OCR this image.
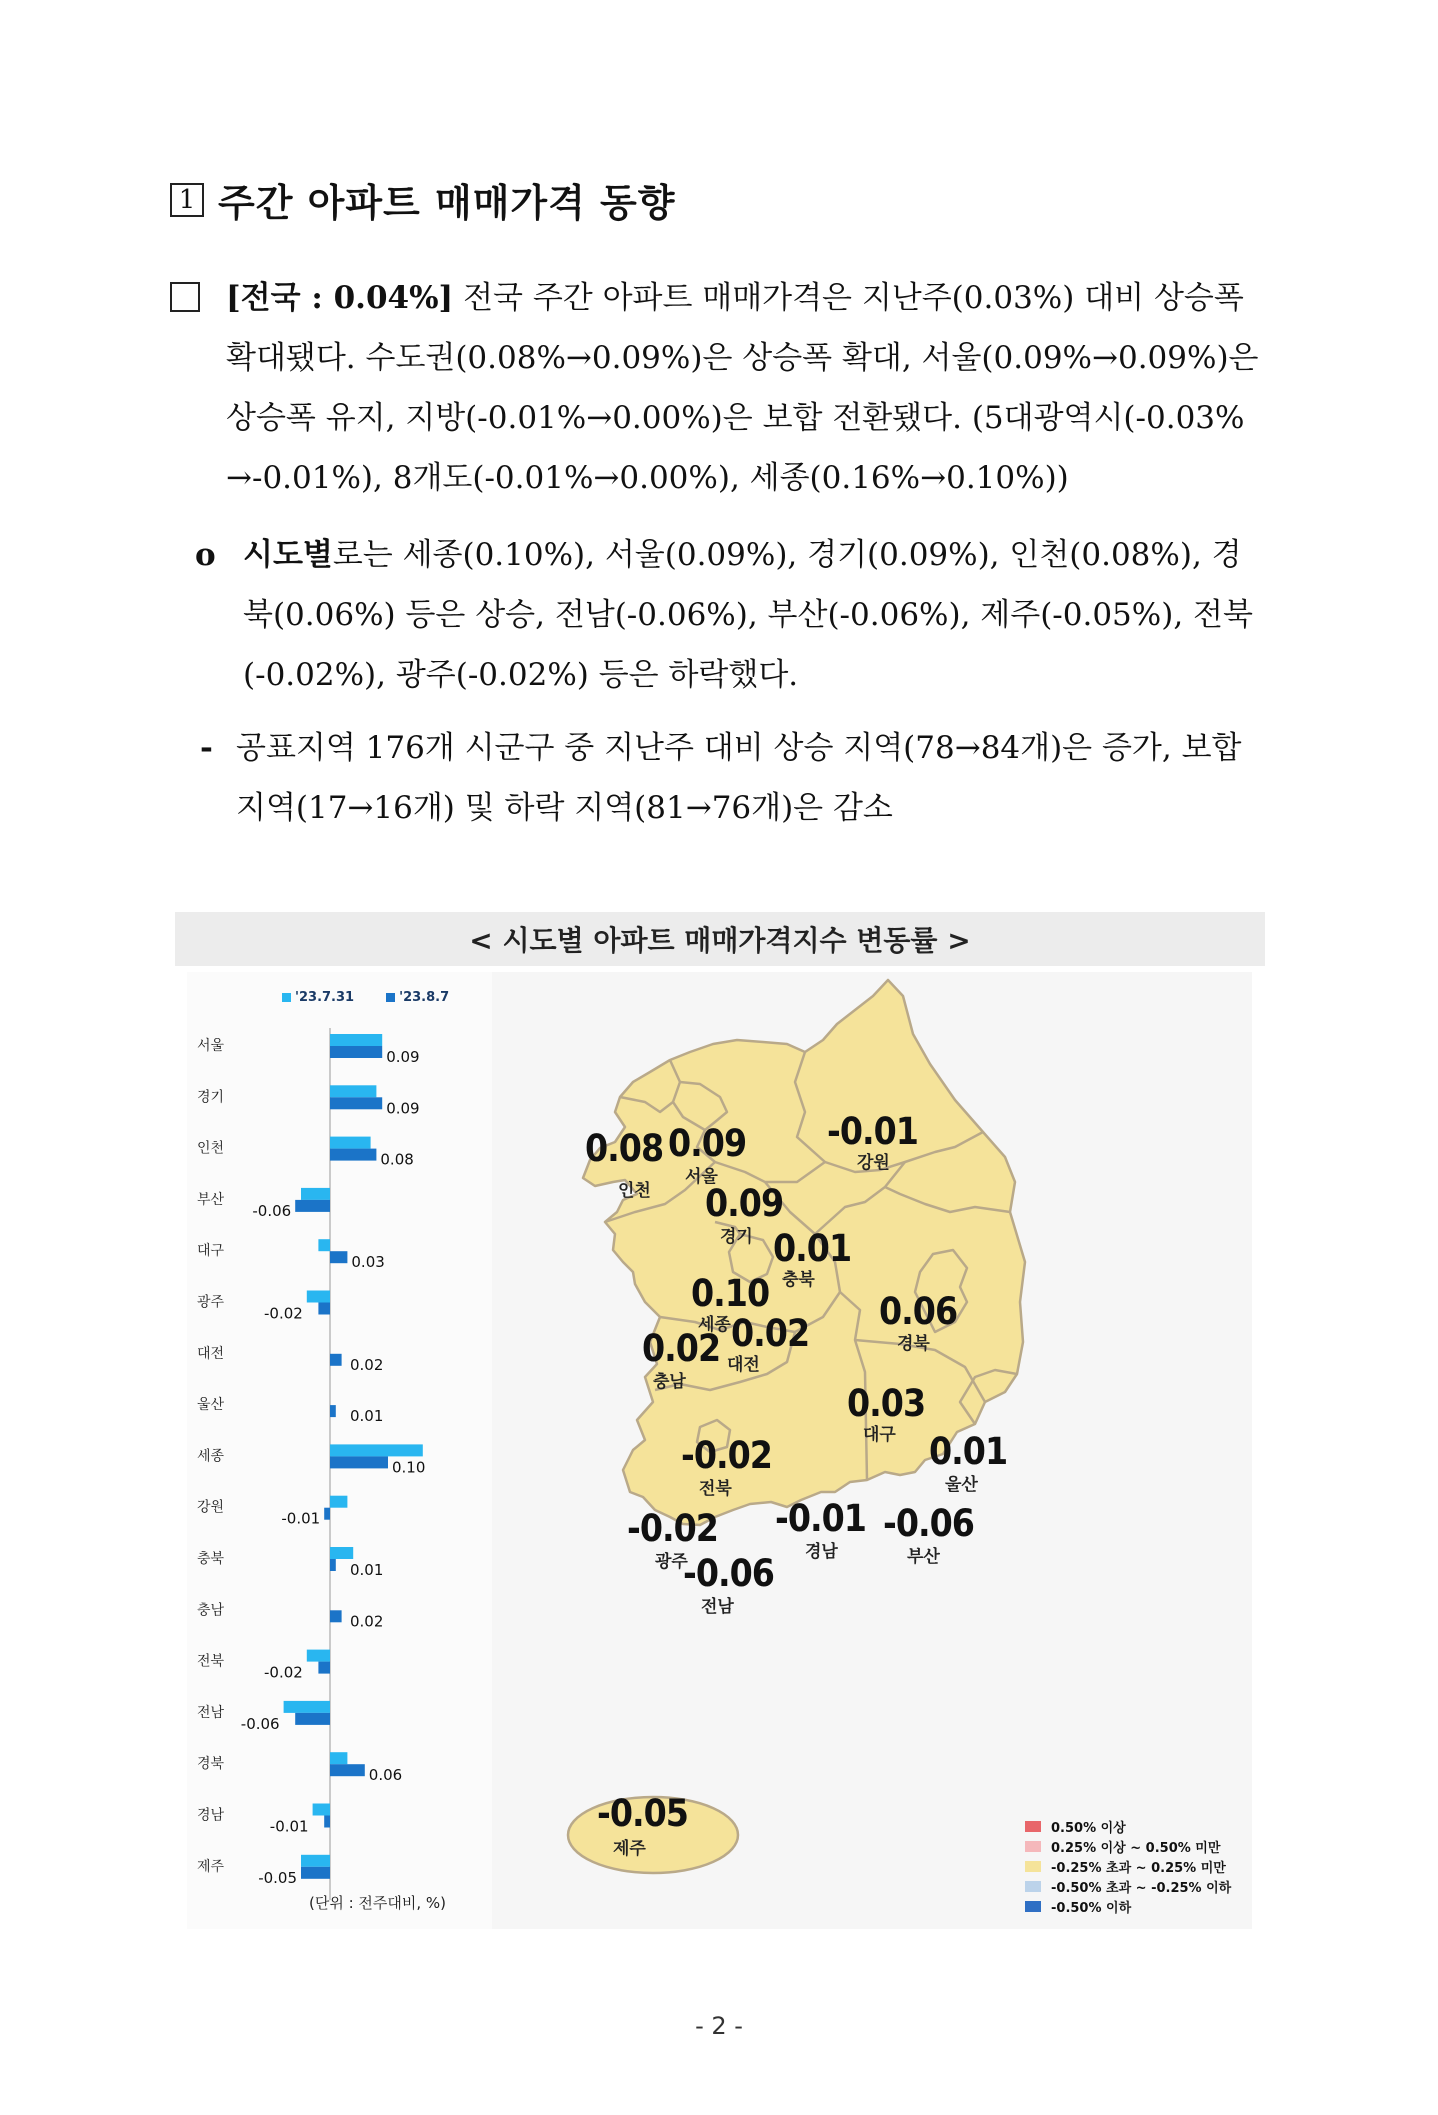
1 주간 아파트 매매가격 동향
[전국 : 0.04%] 전국 주간 아파트 매매가격은 지난주(0.03%) 대비 상승폭 확대됐다. 수도권(0.08%→0.09%)은 상승폭 확대, 서울(0.09%→0.09%)은 상승폭 유지, 지방(-0.01%→0.00%)은 보합 전환됐다. (5대광역시(-0.03% →-0.01%), 8개도(-0.01%→0.00%), 세종(0.16%→0.10%))
o 시도별로는 세종(0.10%), 서울(0.09%), 경기(0.09%), 인천(0.08%), 경북(0.06%) 등은 상승, 전남(-0.06%), 부산(-0.06%), 제주(-0.05%), 전북(-0.02%), 광주(-0.02%) 등은 하락했다.
- 공표지역 176개 시군구 중 지난주 대비 상승 지역(78→84개)은 증가, 보합 지역(17→16개) 및 하락 지역(81→76개)은 감소
< 시도별 아파트 매매가격지수 변동률 >
'23.7.31	'23.8.7
서울
0.09
경기
0.09
인천
0.08
부산
-0.06
대구
0.03
광주
-0.02
대전
0.02
울산
0.01
세종
0.10
강원
-0.01
충북
0.01
충남
0.02
전북
-0.02
전남
-0.06
경북
0.06
경남
-0.01
제주
-0.05
(단위 : 전주대비, %)
0.08
인천
0.09
서울
-0.01
강원
0.09
경기 0.01
충북
0.10
세종	0.06
경북
0.02
충남
0.02
대전
0.03
대구
-0.02
전북
0.01
울산
-0.02
광주
-0.01
경남
-0.06
부산
-0.06
전남
-0.05
제주
0.50% 이상
0.25% 이상 ~ 0.50% 미만
-0.25% 초과 ~ 0.25% 미만
-0.50% 초과 ~ -0.25% 이하
-0.50% 이하
- 2 -
